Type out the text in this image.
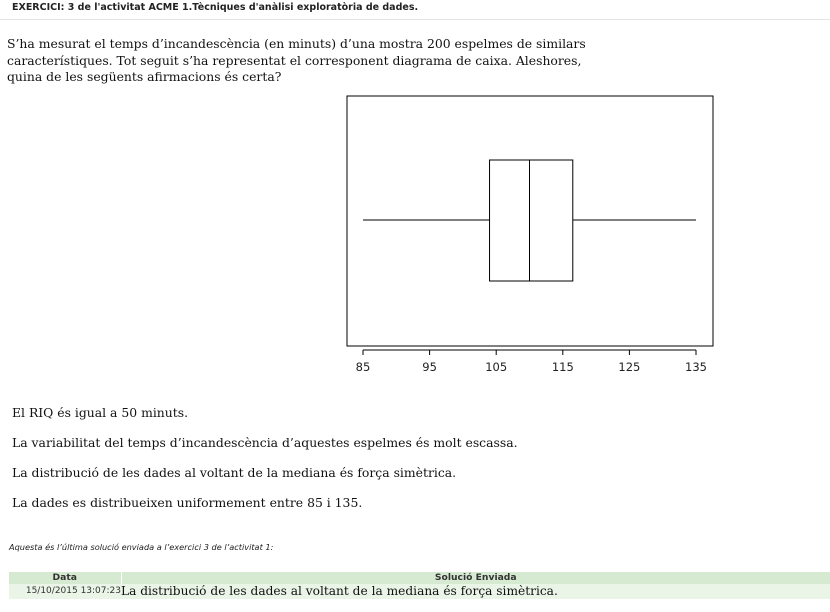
EXERCICI: 3 de l'activitat ACME 1.Tècniques d'anàlisi exploratòria de dades.
S’ha mesurat el temps d’incandescència (en minuts) d’una mostra 200 espelmes de similars característiques. Tot seguit s’ha representat el corresponent diagrama de caixa. Aleshores, quina de les següents afirmacions és certa?
85	95	105	115	125	135
El RIQ és igual a 50 minuts.
La variabilitat del temps d’incandescència d’aquestes espelmes és molt escassa.
La distribució de les dades al voltant de la mediana és força simètrica.
La dades es distribueixen uniformement entre 85 i 135.
Aquesta és l’última solució enviada a l’exercici 3 de l’activitat 1:
Data	Solució Enviada
15/10/2015 13:07:23	La distribució de les dades al voltant de la mediana és força simètrica.
